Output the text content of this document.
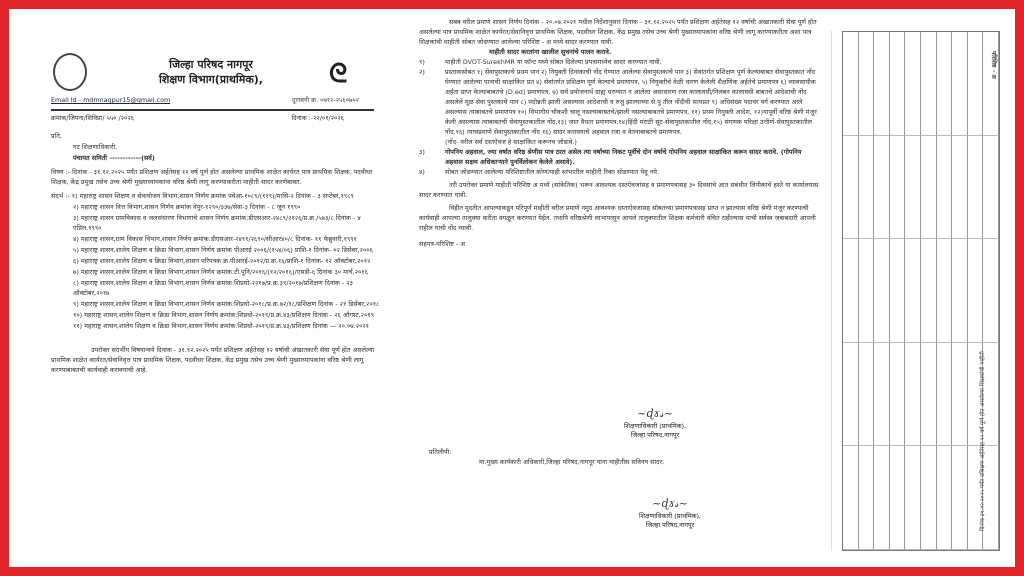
जिल्हा परिषद नागपूर
शिक्षण विभाग(प्राथमिक),	ᘓ
Email Id - mdmnagpur15@gmail.com	दूरध्वनी क्र. ०७१२-२५६०७०२
क्रमांक/जिपना/शिविप्रा/ ५५० /२०२६	दिनांक :-२२/०१/२०२६

प्रति,

गट शिक्षणाधिकारी,

पंचायत समिती ------------(सर्व)

विषय :- दिनांक - ३१.१२.२०२५ पर्यंत प्रशिक्षण अर्हतेसह १२ वर्ष पूर्ण होत असलेल्या प्राथमिक शाळेत कार्यरत पात्र प्राथमिक शिक्षक, पदवीधर शिक्षक, केंद्र प्रमुख तसेच उच्च श्रेणी मुख्याध्यापकांना वरिष्ठ श्रेणी लागू करण्याकरीता माहीती सादर करणेबाबत.

संदर्भ :- १) महाराष्ट्र शासन शिक्षण व सेवायोजन विभाग,शासन निर्णय क्रमांक पवेआ-१०८९/(११९)/मासि-२ दिनांक - ३ सप्टेंबर,१९८९

२) महाराष्ट्र शासन वित्त विभाग,शासन निर्णय क्रमांक वेपुर-१२९०/३३७/सेवा-३ दिनांक - ८ जून १९९०

३) महाराष्ट्र शासन ग्रामविकास व जलसंधारण विभागाचे शासन निर्णय क्रमांक:डीएसआर-२४८९/२१२६/प्र.क्र./५७३/८ दिनांक - ४ एप्रिल,१९९०

४) महाराष्ट्र शासन,ग्राम विकास विभाग,शासन निर्णय क्रमांक:डीएसआर-२४९१/२६९०/सीआर४०/८ दिनांक- ११ फेब्रुवारी,१९९१

५) महाराष्ट्र शासन,शालेय शिक्षण व क्रिडा विभाग,शासन निर्णय क्रमांक पीआरई २००६/(१५४/०६) प्राशि-१ दिनांक- ०२ डिसेंबर,२००६

६) महाराष्ट्र शासन,शालेय शिक्षण व क्रिडा विभाग,शासन परिपत्रक क्र.पीआरई-२०१२/प्र.क्र.१६/प्राशि-१ दिनांक- १२ ऑक्टोबर,२०१२

७) महाराष्ट्र शासन,शालेय शिक्षण व क्रिडा विभाग,शासन निर्णय क्रमांक:टी.पुनि/२०१६/(१२/२०१६)/एसडी-६ दिनांक ३० मार्च,२०१६

८) महाराष्ट्र शासन,शालेय शिक्षण व क्रिडा विभाग,शासन निर्णय क्रमांक:शिप्रधो-२२१७/प्र.क्र.३९/२०१७/प्रशिक्षण दिनांक - २३ ऑक्टोबर,२०१७

९) महाराष्ट्र शासन,शालेय शिक्षण व क्रिडा विभाग,शासन निर्णय क्रमांक:शिप्रधो-२०१८/प्र.क्र.७२/१८/प्रशिक्षण दिनांक - २१ डिसेंबर,२०१८

१०) महाराष्ट्र शासन,शालेय शिक्षण व क्रिडा विभाग,शासन निर्णय क्रमांक:शिप्रधो-२०१९/प्र.क्र.४३/प्रशिक्षण दिनांक - २६ ऑगस्ट,२०१९

११) महाराष्ट्र शासन,शालेय शिक्षण व क्रिडा विभाग,शासन निर्णय क्रमांक:शिप्रधो-२०१९/प्र.क्र.४३/प्रशिक्षण दिनांक — २०.०७.२०२१

उपरोक्त संदर्भीय विषयान्वये दिनांक - ३१.१२.२०२५ पर्यंत प्रशिक्षण अर्हतेसह १२ वर्षाची अंखातकारी सेवा पूर्ण होत असलेल्या प्राथमिक शाळेत कार्यरत/सेवानिवृत्त पात्र प्राथमिक शिक्षक, पदवीधर शिक्षक, केंद्र प्रमुख तसेच उच्च श्रेणी मुख्याध्यापकांना वरिष्ठ श्रेणी लागू करण्याबाबतची कार्यवाही करावयाची आहे.

सबब वरील प्रमाणे शासन निर्णय दिनांक - २०.०७.२०२१ मधील निर्देशानुसार दिनांक - ३१.१२.२०२५ पर्यंत प्रशिक्षण अर्हतेसह १२ वर्षाची अंखातकारी सेवा पूर्ण होत असलेल्या पात्र प्राथमिक शाळेत कार्यरत/सेवानिवृत्त प्राथमिक शिक्षक, पदवीधर शिक्षक, केंद्र प्रमुख तसेच उच्च श्रेणी मुख्याध्यापकांना वरिष्ठ श्रेणी लागू करण्याकरीता अशा पात्र शिक्षकांची माहीती सोबत जोडण्यात आलेल्या परिशिष्ट - अ मध्ये सादर करण्यात यावी.

माहीती सादर करतांना खालील सुचनांचे पालन करावे.

१)	माहीती DVOT-SurekhMR या फॉन्ट मध्ये सोबत दिलेल्या प्रपत्रामध्येच सादर करण्यात यावी.
२)	प्रस्तावासोबत १) सेवापुस्तकाचे प्रथम पान २) नियुक्ती दिनांकाची नोंद घेण्यात आलेल्या सेवापुस्तकाचे पान ३) सेवांतर्गत प्रशिक्षण पूर्ण केल्याबाबत सेवापुस्तकात नोंद घेण्यात आलेल्या पानाची साक्षांकित प्रत ४) सेवांतर्गत प्रशिक्षण पूर्ण केल्याचे प्रमाणपत्र, ५) नियुक्तीचे वेळी धारण केलेली शैक्षणिक अर्हतेचे प्रमाणपत्र ६) व्यावसायीक अर्हता प्राप्त केल्याबाबतचे (D.ed) प्रमाणपत्र, ७) सर्व प्रयोजनार्थ ग्राह्य धरण्यात न आलेला असाधारण रजा कालावधी/निलंबन कालावधी बाबतचे आदेशाची नोंद असलेले मूळ सेवा पुस्तकाचे पान ८) पदोन्नती झाली असल्यास आदेशाची व रुजु झाल्याच्या से.पु तील नोंदीची सत्यप्रत ९) अधिसंख्य पदावर वर्ग करण्यात आले असल्यास त्याबाबतचे प्रमाणपत्र १०) विभागीय चौकशी चालू नसल्याबाबतचे/झाली नसल्याबाबतचे प्रमाणपत्र, ११) प्रथम नियुक्ती आदेश, १२)यापूर्वी वरिष्ठ श्रेणी मंजुर केली असल्यास त्याबाबतची सेवापुस्तकातील नोंद,१३) जात वैधता प्रमाणपत्र,१४)हिंदी मराठी सूट-सेवापुस्तकातील नोंद,१५) संगणक परिक्षा उत्तीर्ण-सेवापुस्तकातील नोंद,१६) त्याचप्रमाणे सेवापुस्तकातील नोंद १६) सादर करावयाचे अहवाल रजा व वेतनाबाबतचे प्रमाणपत्र.
(नोंद- वरील सर्व दस्तऐवज हे साक्षांकित करूनच जोडावे.)
३)	गोपनिय अहवाल, ज्या वर्षात वरिष्ठ श्रेणीस पात्र ठरत असेल त्या वर्षाच्या निकट पूर्वीचे दोन वर्षाचे गोपनिय अहवाल साक्षांकित करून सादर करावे. (गोपनिय अहवाल सक्षम अधिकाऱ्याने पुनर्विलोकन केलेले असावे).
४)	सोबत जोडण्यात आलेल्या परिशिष्टातील कोणत्याही स्तंभातील माहीती रिक्त सोडण्यात येवू नये.

तरी उपरोक्त प्रमाणे माहीती परिशिष्ट अ मध्ये (सांकेतिक) भरून आवश्यक दस्तऐवजांसह व प्रमाणपत्रासह ३० दिवसांचे आत संबंधीत लिपीकाचे हस्ते या कार्यालयास सादर करण्यात यावी.

विहीत मुदतीत आपल्याकडून परिपूर्ण माहीती वरील प्रमाणे नमुद आवश्यक दस्ताऐवजासह सोबतच्या प्रमाणपत्रासह प्राप्त न झाल्यास वरिष्ठ श्रेणी मंजुर करण्याची कार्यवाही आपल्या तालुक्या करीता वगळून करण्यात येईल. तथापि वरिष्ठश्रेणी लाभापासून आपले तालुक्यातील शिक्षक कर्मचारी वंचित राहील्यास याची सर्वस्व जबाबदारी आपली राहील याची नोंद घ्यावी.

सहपत्र-परिशिष्ट - अ

~ɖɤ𝓈~
शिक्षणाधिकारी (प्राथमिक),
जिल्हा परिषद,नागपूर

प्रतिलीपी:

मा.मुख्य कार्यकारी अधिकारी,जिल्हा परिषद,नागपूर यांना माहीतीस सविनय सादर.

~ɖɤ𝓈~
शिक्षणाधिकारी (प्राथमिक),
जिल्हा परिषद,नागपूर	दिनांक ३१.१२.२०२५ पर्यंत प्रशिक्षण अर्हतेसह १२ वर्ष पूर्ण होत असलेल्या शिक्षकांची माहीती
परिशिष्ट - अ
